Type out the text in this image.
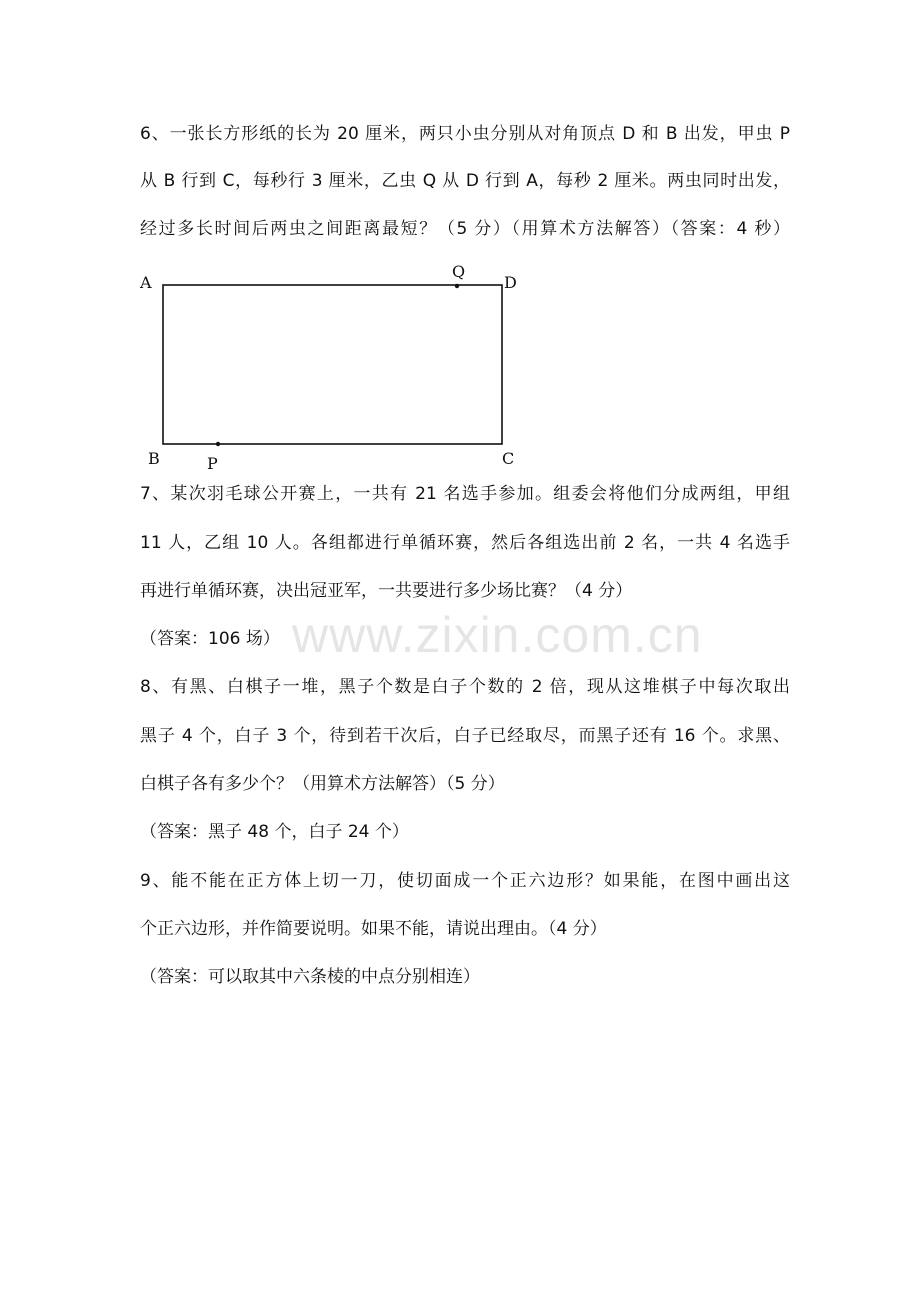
6、一张长方形纸的长为 20 厘米，两只小虫分别从对角顶点 D 和 B 出发，甲虫 P
从 B 行到 C，每秒行 3 厘米，乙虫 Q 从 D 行到 A，每秒 2 厘米。两虫同时出发，
经过多长时间后两虫之间距离最短？（5 分）（用算术方法解答）（答案：4 秒）
A	D
B	C
Q
P
7、某次羽毛球公开赛上，一共有 21 名选手参加。组委会将他们分成两组，甲组
11 人，乙组 10 人。各组都进行单循环赛，然后各组选出前 2 名，一共 4 名选手
再进行单循环赛，决出冠亚军，一共要进行多少场比赛？（4 分）
（答案：106 场）
8、有黑、白棋子一堆，黑子个数是白子个数的 2 倍，现从这堆棋子中每次取出
黑子 4 个，白子 3 个，待到若干次后，白子已经取尽，而黑子还有 16 个。求黑、
白棋子各有多少个？（用算术方法解答）（5 分）
（答案：黑子 48 个，白子 24 个）
9、能不能在正方体上切一刀，使切面成一个正六边形？如果能，在图中画出这
个正六边形，并作简要说明。如果不能，请说出理由。（4 分）
（答案：可以取其中六条棱的中点分别相连）
www.zixin.com.cn
